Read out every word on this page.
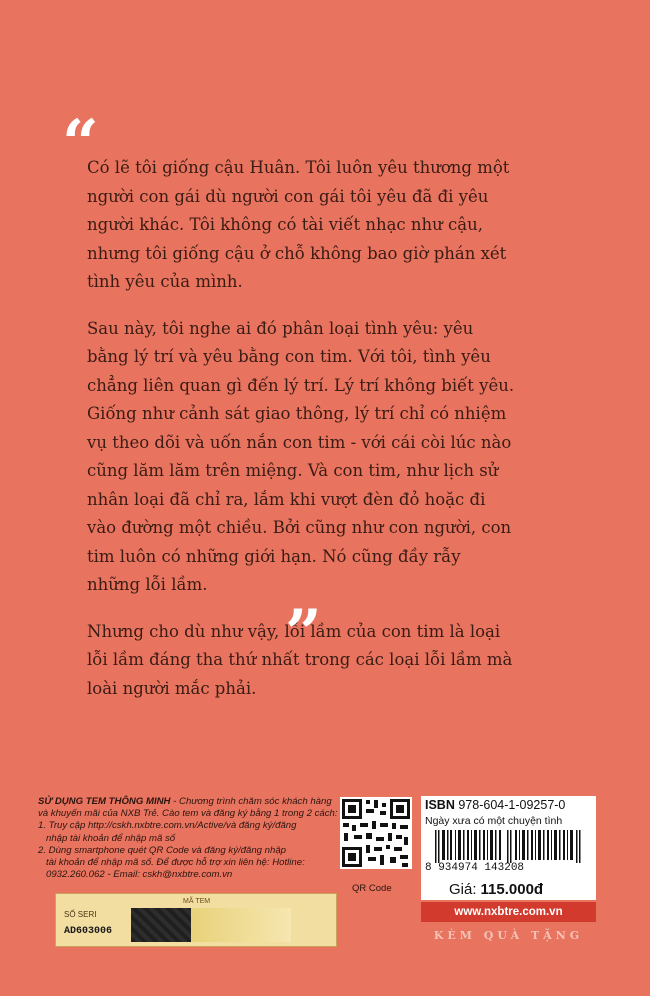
“

Có lẽ tôi giống cậu Huân. Tôi luôn yêu thương một
người con gái dù người con gái tôi yêu đã đi yêu
người khác. Tôi không có tài viết nhạc như cậu,
nhưng tôi giống cậu ở chỗ không bao giờ phán xét
tình yêu của mình.

Sau này, tôi nghe ai đó phân loại tình yêu: yêu
bằng lý trí và yêu bằng con tim. Với tôi, tình yêu
chẳng liên quan gì đến lý trí. Lý trí không biết yêu.
Giống như cảnh sát giao thông, lý trí chỉ có nhiệm
vụ theo dõi và uốn nắn con tim - với cái còi lúc nào
cũng lăm lăm trên miệng. Và con tim, như lịch sử
nhân loại đã chỉ ra, lắm khi vượt đèn đỏ hoặc đi
vào đường một chiều. Bởi cũng như con người, con
tim luôn có những giới hạn. Nó cũng đầy rẫy
những lỗi lầm.

Nhưng cho dù như vậy, lỗi lầm của con tim là loại
lỗi lầm đáng tha thứ nhất trong các loại lỗi lầm mà
loài người mắc phải.

”
SỬ DỤNG TEM THÔNG MINH - Chương trình chăm sóc khách hàng
và khuyến mãi của NXB Trẻ. Cào tem và đăng ký bằng 1 trong 2 cách:
1. Truy cập http://cskh.nxbtre.com.vn/Active/và đăng ký/đăng
nhập tài khoản để nhập mã số
2. Dùng smartphone quét QR Code và đăng ký/đăng nhập
tài khoản để nhập mã số. Để được hỗ trợ xin liên hệ: Hotline:
0932.260.062 - Email: cskh@nxbtre.com.vn
QR Code
MÃ TEM
SỐ SERI
AD603006
ISBN 978-604-1-09257-0
Ngày xưa có một chuyện tình
8 934974 143208
Giá: 115.000đ
www.nxbtre.com.vn
KÈM QUÀ TẶNG
